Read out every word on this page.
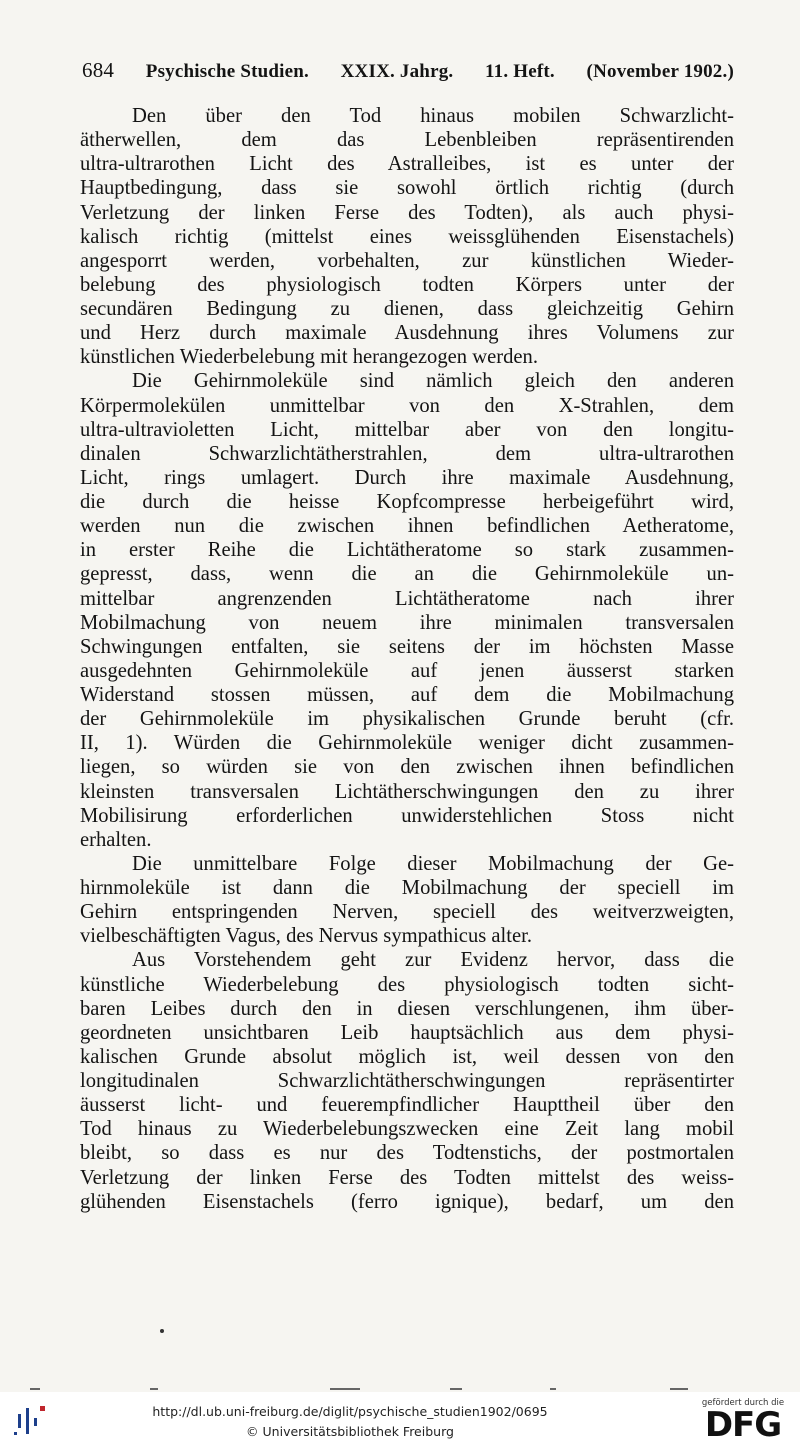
684 Psychische Studien. XXIX. Jahrg. 11. Heft. (November 1902.)
Den über den Tod hinaus mobilen Schwarzlicht-
ätherwellen, dem das Lebenbleiben repräsentirenden
ultra-ultrarothen Licht des Astralleibes, ist es unter der
Hauptbedingung, dass sie sowohl örtlich richtig (durch
Verletzung der linken Ferse des Todten), als auch physi-
kalisch richtig (mittelst eines weissglühenden Eisenstachels)
angesporrt werden, vorbehalten, zur künstlichen Wieder-
belebung des physiologisch todten Körpers unter der
secundären Bedingung zu dienen, dass gleichzeitig Gehirn
und Herz durch maximale Ausdehnung ihres Volumens zur
künstlichen Wiederbelebung mit herangezogen werden.
Die Gehirnmoleküle sind nämlich gleich den anderen
Körpermolekülen unmittelbar von den X-Strahlen, dem
ultra-ultravioletten Licht, mittelbar aber von den longitu-
dinalen Schwarzlichtätherstrahlen, dem ultra-ultrarothen
Licht, rings umlagert. Durch ihre maximale Ausdehnung,
die durch die heisse Kopfcompresse herbeigeführt wird,
werden nun die zwischen ihnen befindlichen Aetheratome,
in erster Reihe die Lichtätheratome so stark zusammen-
gepresst, dass, wenn die an die Gehirnmoleküle un-
mittelbar angrenzenden Lichtätheratome nach ihrer
Mobilmachung von neuem ihre minimalen transversalen
Schwingungen entfalten, sie seitens der im höchsten Masse
ausgedehnten Gehirnmoleküle auf jenen äusserst starken
Widerstand stossen müssen, auf dem die Mobilmachung
der Gehirnmoleküle im physikalischen Grunde beruht (cfr.
II, 1). Würden die Gehirnmoleküle weniger dicht zusammen-
liegen, so würden sie von den zwischen ihnen befindlichen
kleinsten transversalen Lichtätherschwingungen den zu ihrer
Mobilisirung erforderlichen unwiderstehlichen Stoss nicht
erhalten.
Die unmittelbare Folge dieser Mobilmachung der Ge-
hirnmoleküle ist dann die Mobilmachung der speciell im
Gehirn entspringenden Nerven, speciell des weitverzweigten,
vielbeschäftigten Vagus, des Nervus sympathicus alter.
Aus Vorstehendem geht zur Evidenz hervor, dass die
künstliche Wiederbelebung des physiologisch todten sicht-
baren Leibes durch den in diesen verschlungenen, ihm über-
geordneten unsichtbaren Leib hauptsächlich aus dem physi-
kalischen Grunde absolut möglich ist, weil dessen von den
longitudinalen Schwarzlichtätherschwingungen repräsentirter
äusserst licht- und feuerempfindlicher Haupttheil über den
Tod hinaus zu Wiederbelebungszwecken eine Zeit lang mobil
bleibt, so dass es nur des Todtenstichs, der postmortalen
Verletzung der linken Ferse des Todten mittelst des weiss-
glühenden Eisenstachels (ferro ignique), bedarf, um den
http://dl.ub.uni-freiburg.de/diglit/psychische_studien1902/0695
© Universitätsbibliothek Freiburg
gefördert durch die
DFG
